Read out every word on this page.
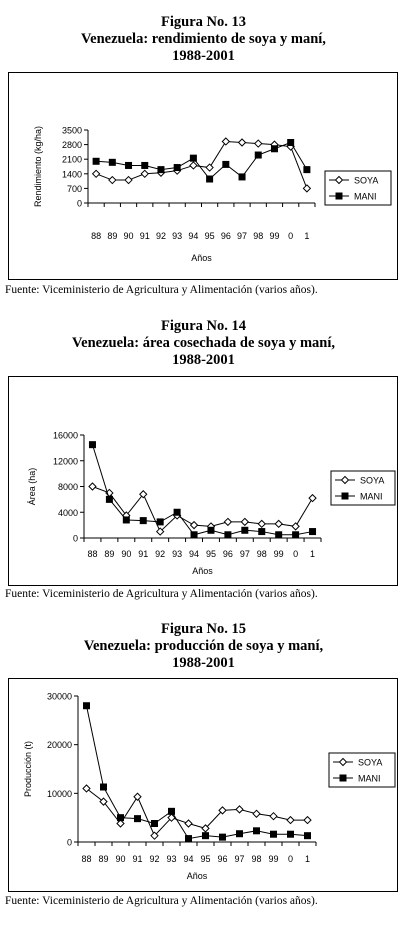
Figura No. 13
Venezuela: rendimiento de soya y maní,
1988-2001
0
700
1400
2100
2800
3500
88 89 90 91 92 93 94 95 96 97 98 99 0 1
Años
Rendimiento (kg/ha)	SOYA
MANI
Fuente: Viceministerio de Agricultura y Alimentación (varios años).
Figura No. 14
Venezuela: área cosechada de soya y maní,
1988-2001
0
4000
8000
12000
16000
88 89 90 91 92 93 94 95 96 97 98 99 0 1
Años
Área (ha)	SOYA
MANI
Fuente: Viceministerio de Agricultura y Alimentación (varios años).
Figura No. 15
Venezuela: producción de soya y maní,
1988-2001
0
10000
20000
30000
88 89 90 91 92 93 94 95 96 97 98 99 0 1
Años
Producción (t)	SOYA
MANI
Fuente: Viceministerio de Agricultura y Alimentación (varios años).
